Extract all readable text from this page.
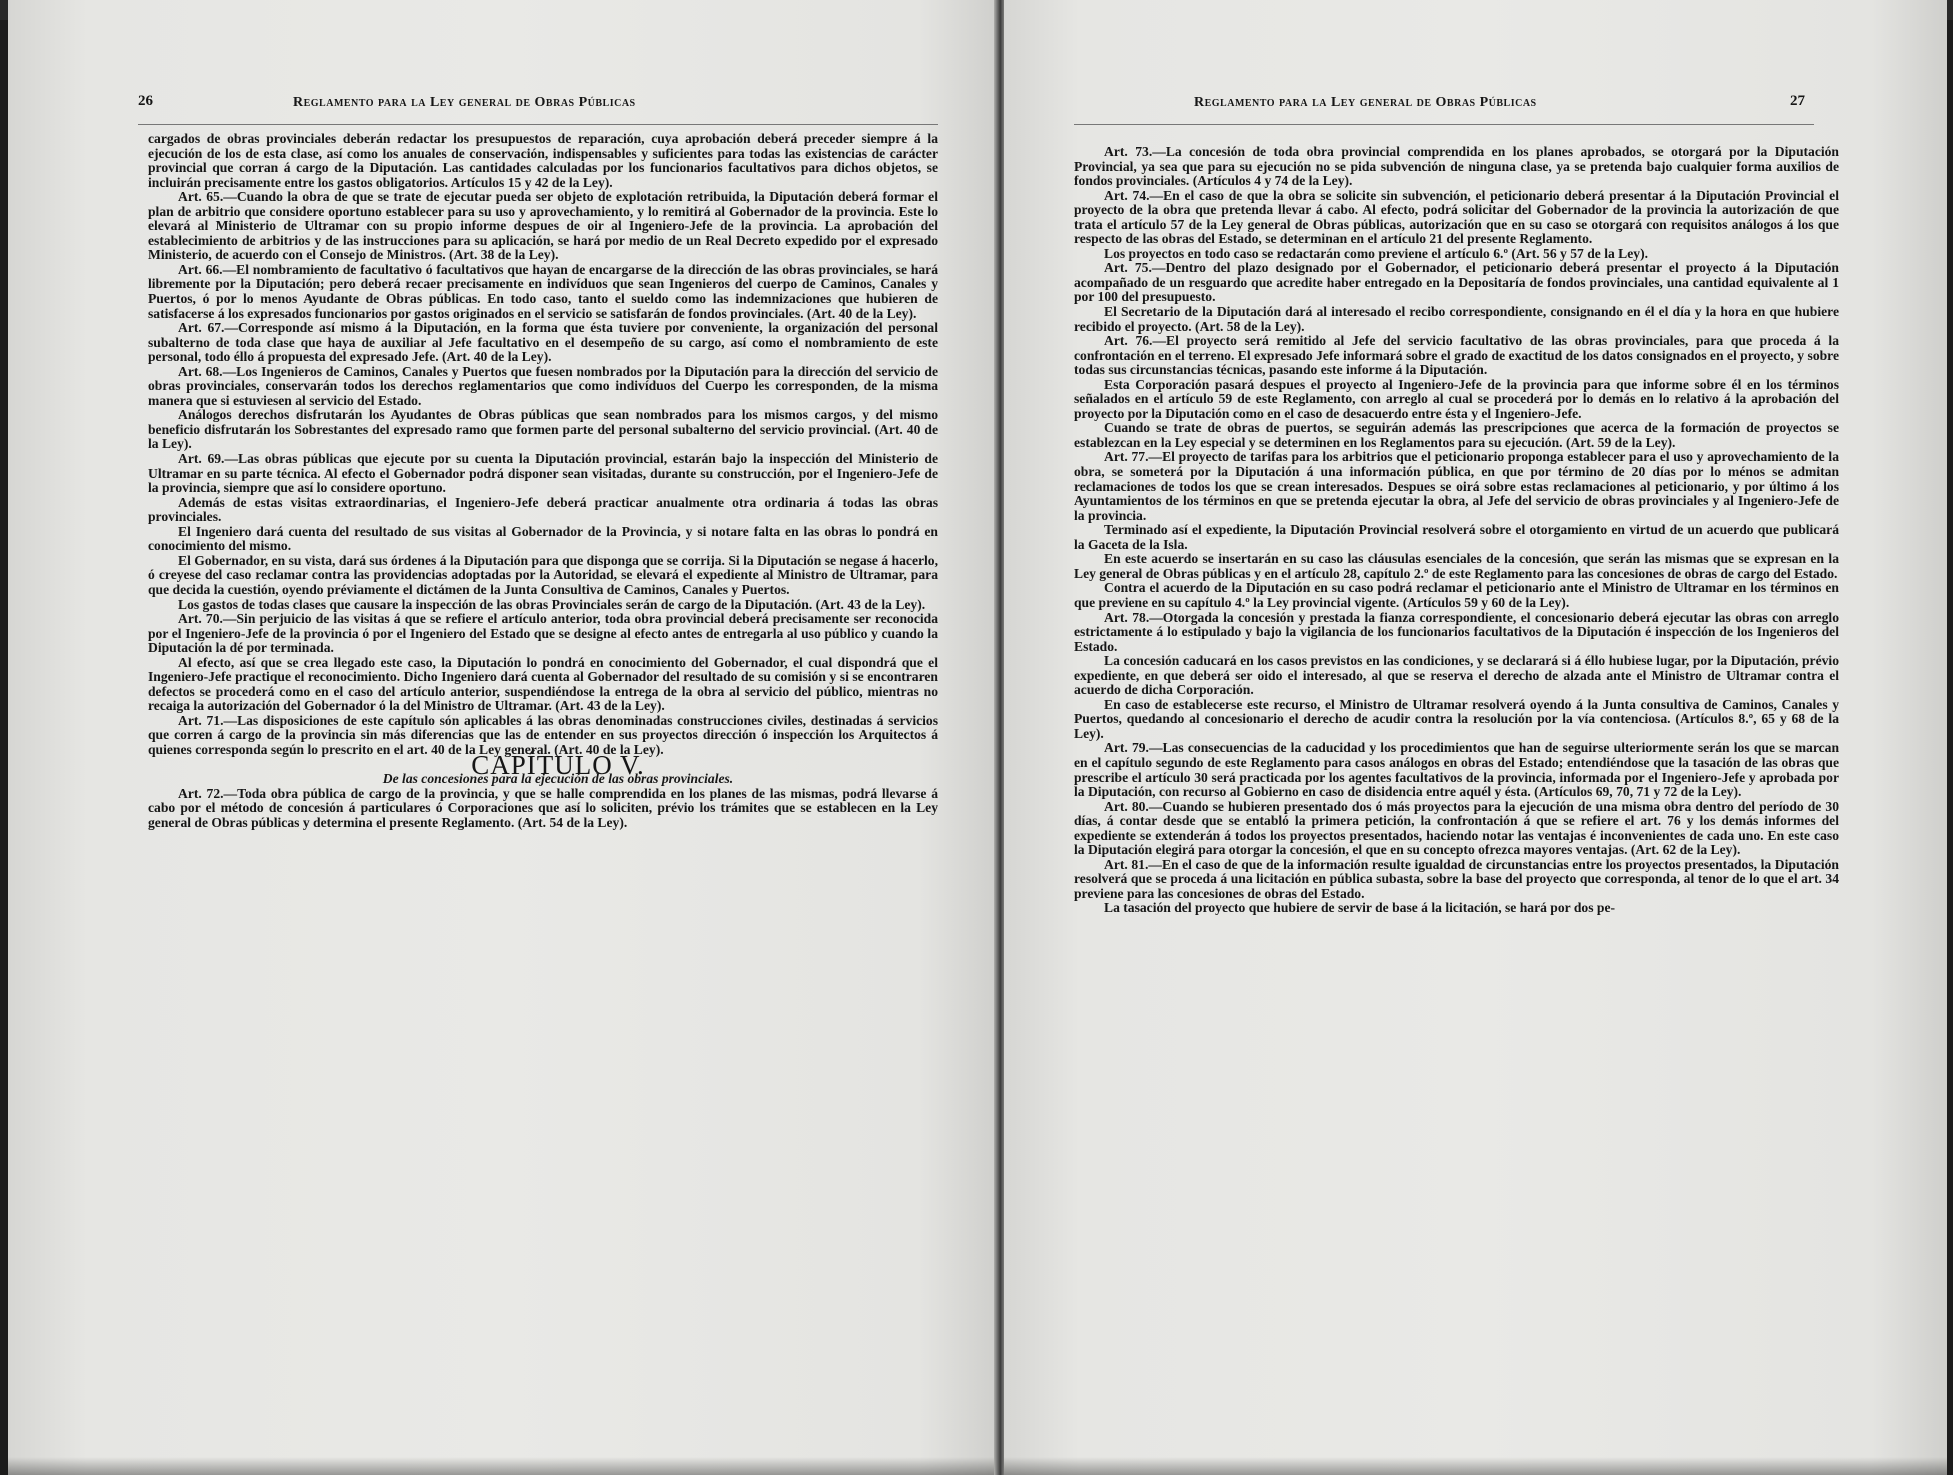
26	Reglamento para la Ley general de Obras Públicas

cargados de obras provinciales deberán redactar los presupuestos de reparación, cuya aprobación deberá preceder siempre á la ejecución de los de esta clase, así como los anuales de conservación, indispensables y suficientes para todas las existencias de carácter provincial que corran á cargo de la Diputación. Las cantidades calculadas por los funcionarios facultativos para dichos objetos, se incluirán precisamente entre los gastos obligatorios. Artículos 15 y 42 de la Ley).

Art. 65.—Cuando la obra de que se trate de ejecutar pueda ser objeto de explotación retribuida, la Diputación deberá formar el plan de arbitrio que considere oportuno establecer para su uso y aprovechamiento, y lo remitirá al Gobernador de la provincia. Este lo elevará al Ministerio de Ultramar con su propio informe despues de oir al Ingeniero-Jefe de la provincia. La aprobación del establecimiento de arbitrios y de las instrucciones para su aplicación, se hará por medio de un Real Decreto expedido por el expresado Ministerio, de acuerdo con el Consejo de Ministros. (Art. 38 de la Ley).

Art. 66.—El nombramiento de facultativo ó facultativos que hayan de encargarse de la dirección de las obras provinciales, se hará libremente por la Diputación; pero deberá recaer precisamente en indivíduos que sean Ingenieros del cuerpo de Caminos, Canales y Puertos, ó por lo menos Ayudante de Obras públicas. En todo caso, tanto el sueldo como las indemnizaciones que hubieren de satisfacerse á los expresados funcionarios por gastos originados en el servicio se satisfarán de fondos provinciales. (Art. 40 de la Ley).

Art. 67.—Corresponde así mismo á la Diputación, en la forma que ésta tuviere por conveniente, la organización del personal subalterno de toda clase que haya de auxiliar al Jefe facultativo en el desempeño de su cargo, así como el nombramiento de este personal, todo éllo á propuesta del expresado Jefe. (Art. 40 de la Ley).

Art. 68.—Los Ingenieros de Caminos, Canales y Puertos que fuesen nombrados por la Diputación para la dirección del servicio de obras provinciales, conservarán todos los derechos reglamentarios que como indivíduos del Cuerpo les corresponden, de la misma manera que si estuviesen al servicio del Estado.

Análogos derechos disfrutarán los Ayudantes de Obras públicas que sean nombrados para los mismos cargos, y del mismo beneficio disfrutarán los Sobrestantes del expresado ramo que formen parte del personal subalterno del servicio provincial. (Art. 40 de la Ley).

Art. 69.—Las obras públicas que ejecute por su cuenta la Diputación provincial, estarán bajo la inspección del Ministerio de Ultramar en su parte técnica. Al efecto el Gobernador podrá disponer sean visitadas, durante su construcción, por el Ingeniero-Jefe de la provincia, siempre que así lo considere oportuno.

Además de estas visitas extraordinarias, el Ingeniero-Jefe deberá practicar anualmente otra ordinaria á todas las obras provinciales.

El Ingeniero dará cuenta del resultado de sus visitas al Gobernador de la Provincia, y si notare falta en las obras lo pondrá en conocimiento del mismo.

El Gobernador, en su vista, dará sus órdenes á la Diputación para que disponga que se corrija. Si la Diputación se negase á hacerlo, ó creyese del caso reclamar contra las providencias adoptadas por la Autoridad, se elevará el expediente al Ministro de Ultramar, para que decida la cuestión, oyendo préviamente el dictámen de la Junta Consultiva de Caminos, Canales y Puertos.

Los gastos de todas clases que causare la inspección de las obras Provinciales serán de cargo de la Diputación. (Art. 43 de la Ley).

Art. 70.—Sin perjuicio de las visitas á que se refiere el artículo anterior, toda obra provincial deberá precisamente ser reconocida por el Ingeniero-Jefe de la provincia ó por el Ingeniero del Estado que se designe al efecto antes de entregarla al uso público y cuando la Diputación la dé por terminada.

Al efecto, así que se crea llegado este caso, la Diputación lo pondrá en conocimiento del Gobernador, el cual dispondrá que el Ingeniero-Jefe practique el reconocimiento. Dicho Ingeniero dará cuenta al Gobernador del resultado de su comisión y si se encontraren defectos se procederá como en el caso del artículo anterior, suspendiéndose la entrega de la obra al servicio del público, mientras no recaiga la autorización del Gobernador ó la del Ministro de Ultramar. (Art. 43 de la Ley).

Art. 71.—Las disposiciones de este capítulo són aplicables á las obras denominadas construcciones civiles, destinadas á servicios que corren á cargo de la provincia sin más diferencias que las de entender en sus proyectos dirección ó inspección los Arquitectos á quienes corresponda según lo prescrito en el art. 40 de la Ley general. (Art. 40 de la Ley).

CAPÍTULO V.

De las concesiones para la ejecución de las obras provinciales.

Art. 72.—Toda obra pública de cargo de la provincia, y que se halle comprendida en los planes de las mismas, podrá llevarse á cabo por el método de concesión á particulares ó Corporaciones que así lo soliciten, prévio los trámites que se establecen en la Ley general de Obras públicas y determina el presente Reglamento. (Art. 54 de la Ley).

Reglamento para la Ley general de Obras Públicas	27

Art. 73.—La concesión de toda obra provincial comprendida en los planes aprobados, se otorgará por la Diputación Provincial, ya sea que para su ejecución no se pida subvención de ninguna clase, ya se pretenda bajo cualquier forma auxilios de fondos provinciales. (Artículos 4 y 74 de la Ley).

Art. 74.—En el caso de que la obra se solicite sin subvención, el peticionario deberá presentar á la Diputación Provincial el proyecto de la obra que pretenda llevar á cabo. Al efecto, podrá solicitar del Gobernador de la provincia la autorización de que trata el artículo 57 de la Ley general de Obras públicas, autorización que en su caso se otorgará con requisitos análogos á los que respecto de las obras del Estado, se determinan en el artículo 21 del presente Reglamento.

Los proyectos en todo caso se redactarán como previene el artículo 6.º (Art. 56 y 57 de la Ley).

Art. 75.—Dentro del plazo designado por el Gobernador, el peticionario deberá presentar el proyecto á la Diputación acompañado de un resguardo que acredite haber entregado en la Depositaría de fondos provinciales, una cantidad equivalente al 1 por 100 del presupuesto.

El Secretario de la Diputación dará al interesado el recibo correspondiente, consignando en él el día y la hora en que hubiere recibido el proyecto. (Art. 58 de la Ley).

Art. 76.—El proyecto será remitido al Jefe del servicio facultativo de las obras provinciales, para que proceda á la confrontación en el terreno. El expresado Jefe informará sobre el grado de exactitud de los datos consignados en el proyecto, y sobre todas sus circunstancias técnicas, pasando este informe á la Diputación.

Esta Corporación pasará despues el proyecto al Ingeniero-Jefe de la provincia para que informe sobre él en los términos señalados en el artículo 59 de este Reglamento, con arreglo al cual se procederá por lo demás en lo relativo á la aprobación del proyecto por la Diputación como en el caso de desacuerdo entre ésta y el Ingeniero-Jefe.

Cuando se trate de obras de puertos, se seguirán además las prescripciones que acerca de la formación de proyectos se establezcan en la Ley especial y se determinen en los Reglamentos para su ejecución. (Art. 59 de la Ley).

Art. 77.—El proyecto de tarifas para los arbitrios que el peticionario proponga establecer para el uso y aprovechamiento de la obra, se someterá por la Diputación á una información pública, en que por término de 20 días por lo ménos se admitan reclamaciones de todos los que se crean interesados. Despues se oirá sobre estas reclamaciones al peticionario, y por último á los Ayuntamientos de los términos en que se pretenda ejecutar la obra, al Jefe del servicio de obras provinciales y al Ingeniero-Jefe de la provincia.

Terminado así el expediente, la Diputación Provincial resolverá sobre el otorgamiento en virtud de un acuerdo que publicará la Gaceta de la Isla.

En este acuerdo se insertarán en su caso las cláusulas esenciales de la concesión, que serán las mismas que se expresan en la Ley general de Obras públicas y en el artículo 28, capítulo 2.º de este Reglamento para las concesiones de obras de cargo del Estado.

Contra el acuerdo de la Diputación en su caso podrá reclamar el peticionario ante el Ministro de Ultramar en los términos en que previene en su capítulo 4.º la Ley provincial vigente. (Artículos 59 y 60 de la Ley).

Art. 78.—Otorgada la concesión y prestada la fianza correspondiente, el concesionario deberá ejecutar las obras con arreglo estrictamente á lo estipulado y bajo la vigilancia de los funcionarios facultativos de la Diputación é inspección de los Ingenieros del Estado.

La concesión caducará en los casos previstos en las condiciones, y se declarará si á éllo hubiese lugar, por la Diputación, prévio expediente, en que deberá ser oido el interesado, al que se reserva el derecho de alzada ante el Ministro de Ultramar contra el acuerdo de dicha Corporación.

En caso de establecerse este recurso, el Ministro de Ultramar resolverá oyendo á la Junta consultiva de Caminos, Canales y Puertos, quedando al concesionario el derecho de acudir contra la resolución por la vía contenciosa. (Artículos 8.º, 65 y 68 de la Ley).

Art. 79.—Las consecuencias de la caducidad y los procedimientos que han de seguirse ulteriormente serán los que se marcan en el capítulo segundo de este Reglamento para casos análogos en obras del Estado; entendiéndose que la tasación de las obras que prescribe el artículo 30 será practicada por los agentes facultativos de la provincia, informada por el Ingeniero-Jefe y aprobada por la Diputación, con recurso al Gobierno en caso de disidencia entre aquél y ésta. (Artículos 69, 70, 71 y 72 de la Ley).

Art. 80.—Cuando se hubieren presentado dos ó más proyectos para la ejecución de una misma obra dentro del período de 30 días, á contar desde que se entabló la primera petición, la confrontación á que se refiere el art. 76 y los demás informes del expediente se extenderán á todos los proyectos presentados, haciendo notar las ventajas é inconvenientes de cada uno. En este caso la Diputación elegirá para otorgar la concesión, el que en su concepto ofrezca mayores ventajas. (Art. 62 de la Ley).

Art. 81.—En el caso de que de la información resulte igualdad de circunstancias entre los proyectos presentados, la Diputación resolverá que se proceda á una licitación en pública subasta, sobre la base del proyecto que corresponda, al tenor de lo que el art. 34 previene para las concesiones de obras del Estado.

La tasación del proyecto que hubiere de servir de base á la licitación, se hará por dos pe-
